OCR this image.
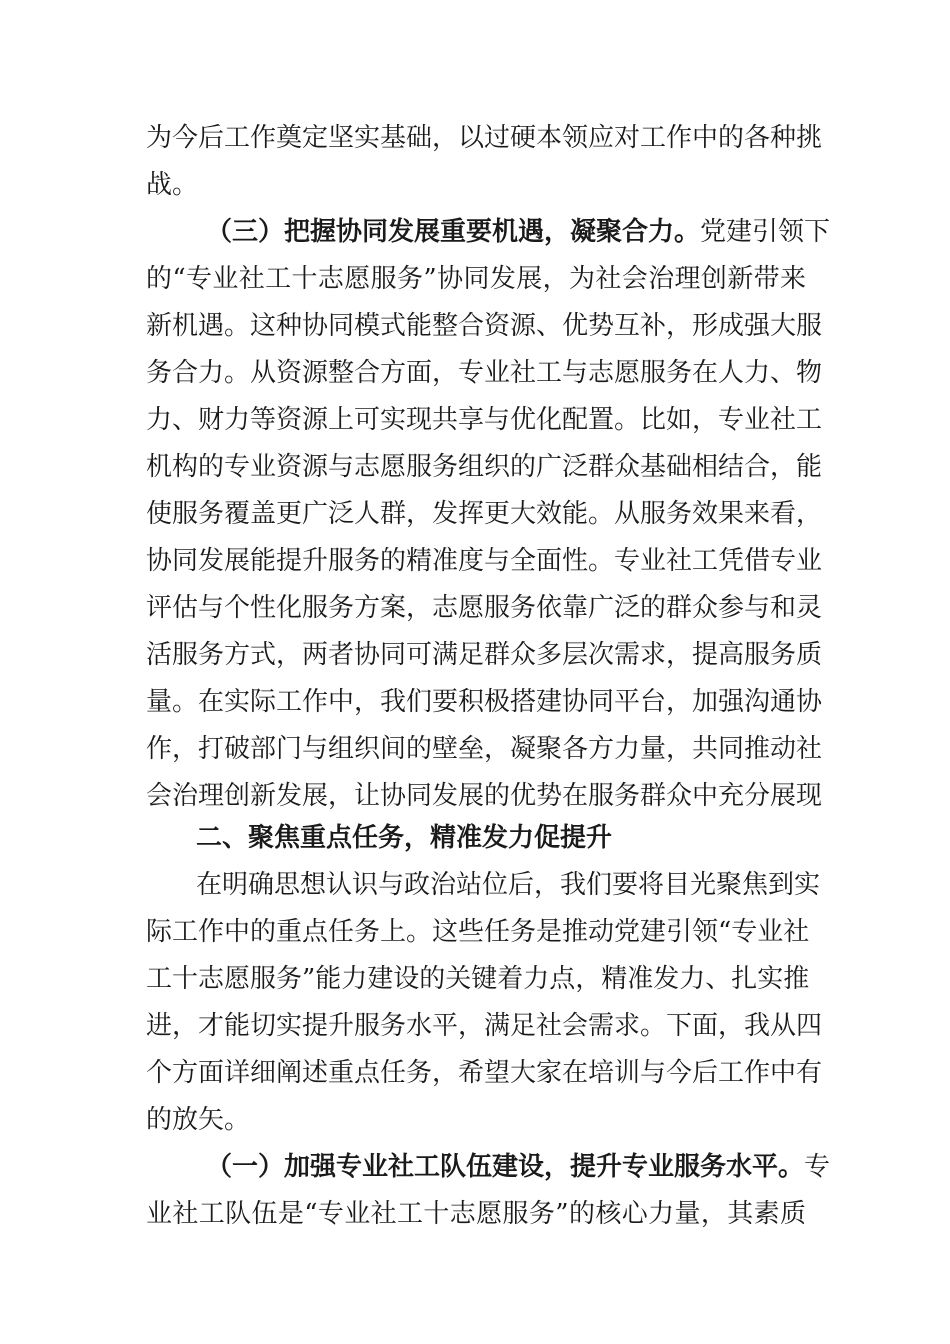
为今后工作奠定坚实基础，以过硬本领应对工作中的各种挑
战。
（三）把握协同发展重要机遇，凝聚合力。党建引领下
的“专业社工十志愿服务”协同发展，为社会治理创新带来
新机遇。这种协同模式能整合资源、优势互补，形成强大服
务合力。从资源整合方面，专业社工与志愿服务在人力、物
力、财力等资源上可实现共享与优化配置。比如，专业社工
机构的专业资源与志愿服务组织的广泛群众基础相结合，能
使服务覆盖更广泛人群，发挥更大效能。从服务效果来看，
协同发展能提升服务的精准度与全面性。专业社工凭借专业
评估与个性化服务方案，志愿服务依靠广泛的群众参与和灵
活服务方式，两者协同可满足群众多层次需求，提高服务质
量。在实际工作中，我们要积极搭建协同平台，加强沟通协
作，打破部门与组织间的壁垒，凝聚各方力量，共同推动社
会治理创新发展，让协同发展的优势在服务群众中充分展现
二、聚焦重点任务，精准发力促提升
在明确思想认识与政治站位后，我们要将目光聚焦到实
际工作中的重点任务上。这些任务是推动党建引领“专业社
工十志愿服务”能力建设的关键着力点，精准发力、扎实推
进，才能切实提升服务水平，满足社会需求。下面，我从四
个方面详细阐述重点任务，希望大家在培训与今后工作中有
的放矢。
（一）加强专业社工队伍建设，提升专业服务水平。专
业社工队伍是“专业社工十志愿服务”的核心力量，其素质
